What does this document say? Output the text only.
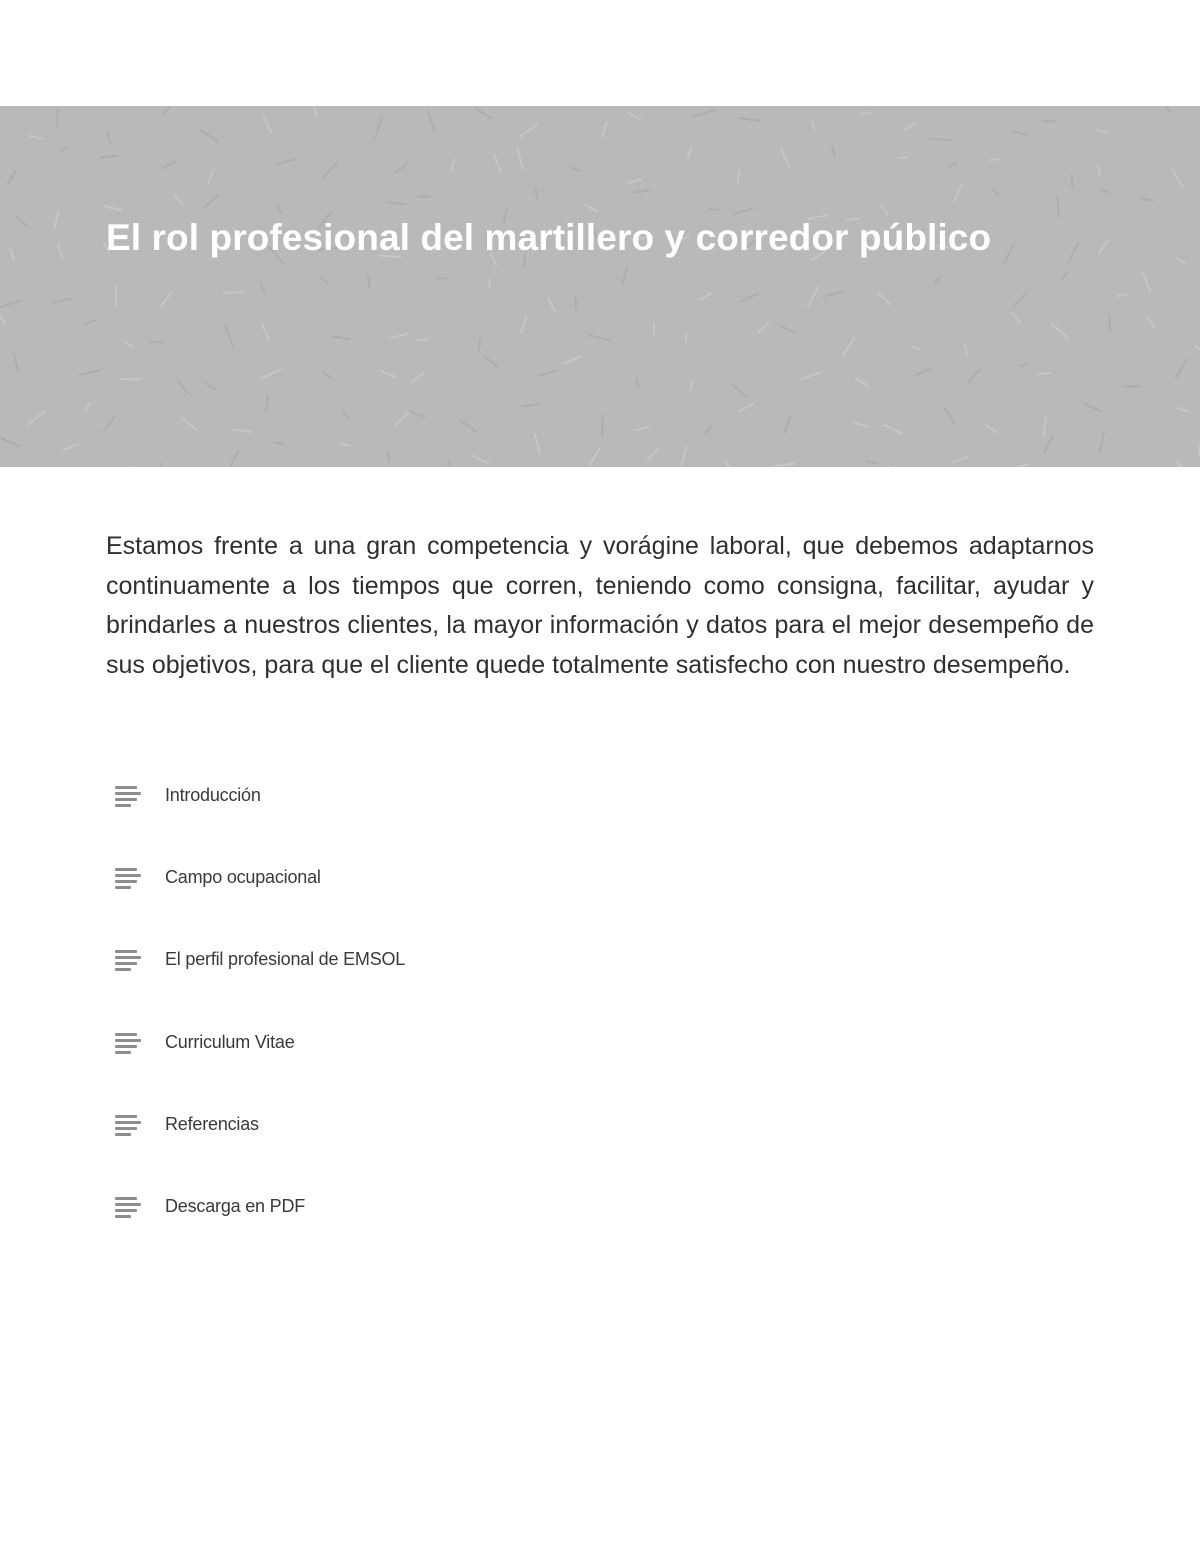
El rol profesional del martillero y corredor público

Estamos frente a una gran competencia y vorágine laboral, que debemos adaptarnos continuamente a los tiempos que corren, teniendo como consigna, facilitar, ayudar y brindarles a nuestros clientes, la mayor información y datos para el mejor desempeño de sus objetivos, para que el cliente quede totalmente satisfecho con nuestro desempeño.

Introducción
Campo ocupacional
El perfil profesional de EMSOL
Curriculum Vitae
Referencias
Descarga en PDF
